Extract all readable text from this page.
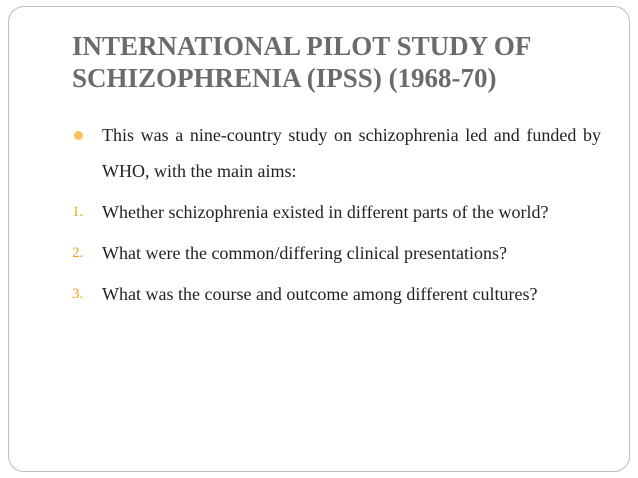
INTERNATIONAL PILOT STUDY OF
SCHIZOPHRENIA (IPSS) (1968-70)
This was a nine-country study on schizophrenia led and funded by WHO, with the main aims:
1. Whether schizophrenia existed in different parts of the world?
2. What were the common/differing clinical presentations?
3. What was the course and outcome among different cultures?
